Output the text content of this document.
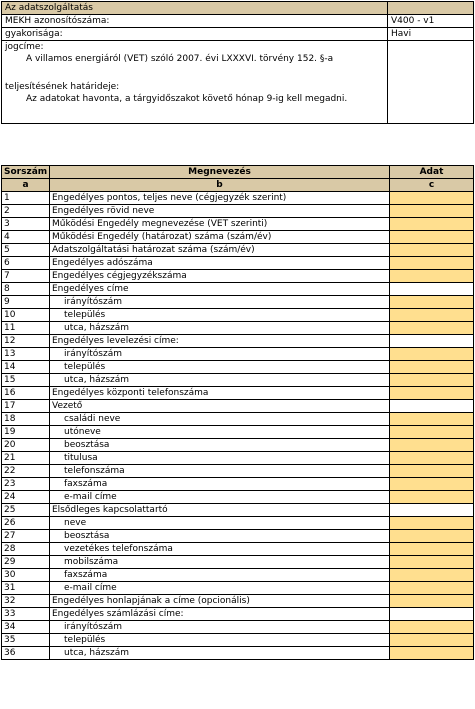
Az adatszolgáltatás	
MEKH azonosítószáma:	V400 - v1
gyakorisága:	Havi
jogcíme:	
A villamos energiáról (VET) szóló 2007. évi LXXXVI. törvény 152. §-a	

teljesítésének határideje:	
Az adatokat havonta, a tárgyidőszakot követő hónap 9-ig kell megadni.	

Sorszám	Megnevezés	Adat
a	b	c
1	Engedélyes pontos, teljes neve (cégjegyzék szerint)	
2	Engedélyes rövid neve	
3	Működési Engedély megnevezése (VET szerinti)	
4	Működési Engedély (határozat) száma (szám/év)	
5	Adatszolgáltatási határozat száma (szám/év)	
6	Engedélyes adószáma	
7	Engedélyes cégjegyzékszáma	
8	Engedélyes címe	
9	irányítószám	
10	település	
11	utca, házszám	
12	Engedélyes levelezési címe:	
13	irányítószám	
14	település	
15	utca, házszám	
16	Engedélyes központi telefonszáma	
17	Vezető	
18	családi neve	
19	utóneve	
20	beosztása	
21	titulusa	
22	telefonszáma	
23	faxszáma	
24	e-mail címe	
25	Elsődleges kapcsolattartó	
26	neve	
27	beosztása	
28	vezetékes telefonszáma	
29	mobilszáma	
30	faxszáma	
31	e-mail címe	
32	Engedélyes honlapjának a címe (opcionális)	
33	Engedélyes számlázási címe:	
34	irányítószám	
35	település	
36	utca, házszám	
